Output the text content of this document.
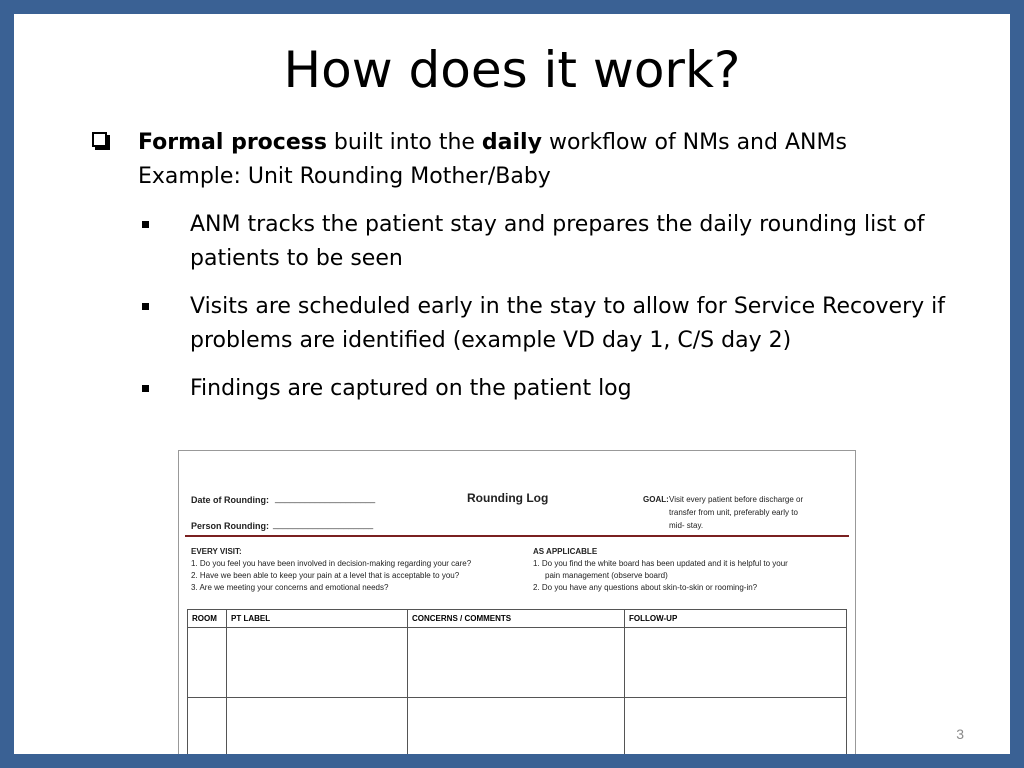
How does it work?
Formal process built into the daily workflow of NMs and ANMs
Example: Unit Rounding Mother/Baby
ANM tracks the patient stay and prepares the daily rounding list of patients to be seen
Visits are scheduled early in the stay to allow for Service Recovery if problems are identified (example VD day 1, C/S day 2)
Findings are captured on the patient log
Date of Rounding: ____________________	Rounding Log	GOAL: Visit every patient before discharge or
transfer from unit, preferably early to
mid- stay.
Person Rounding: ____________________
EVERY VISIT:
1. Do you feel you have been involved in decision-making regarding your care?
2. Have we been able to keep your pain at a level that is acceptable to you?
3. Are we meeting your concerns and emotional needs?
AS APPLICABLE
1. Do you find the white board has been updated and it is helpful to your
pain management (observe board)
2. Do you have any questions about skin-to-skin or rooming-in?
ROOM	PT LABEL	CONCERNS / COMMENTS	FOLLOW-UP

3
